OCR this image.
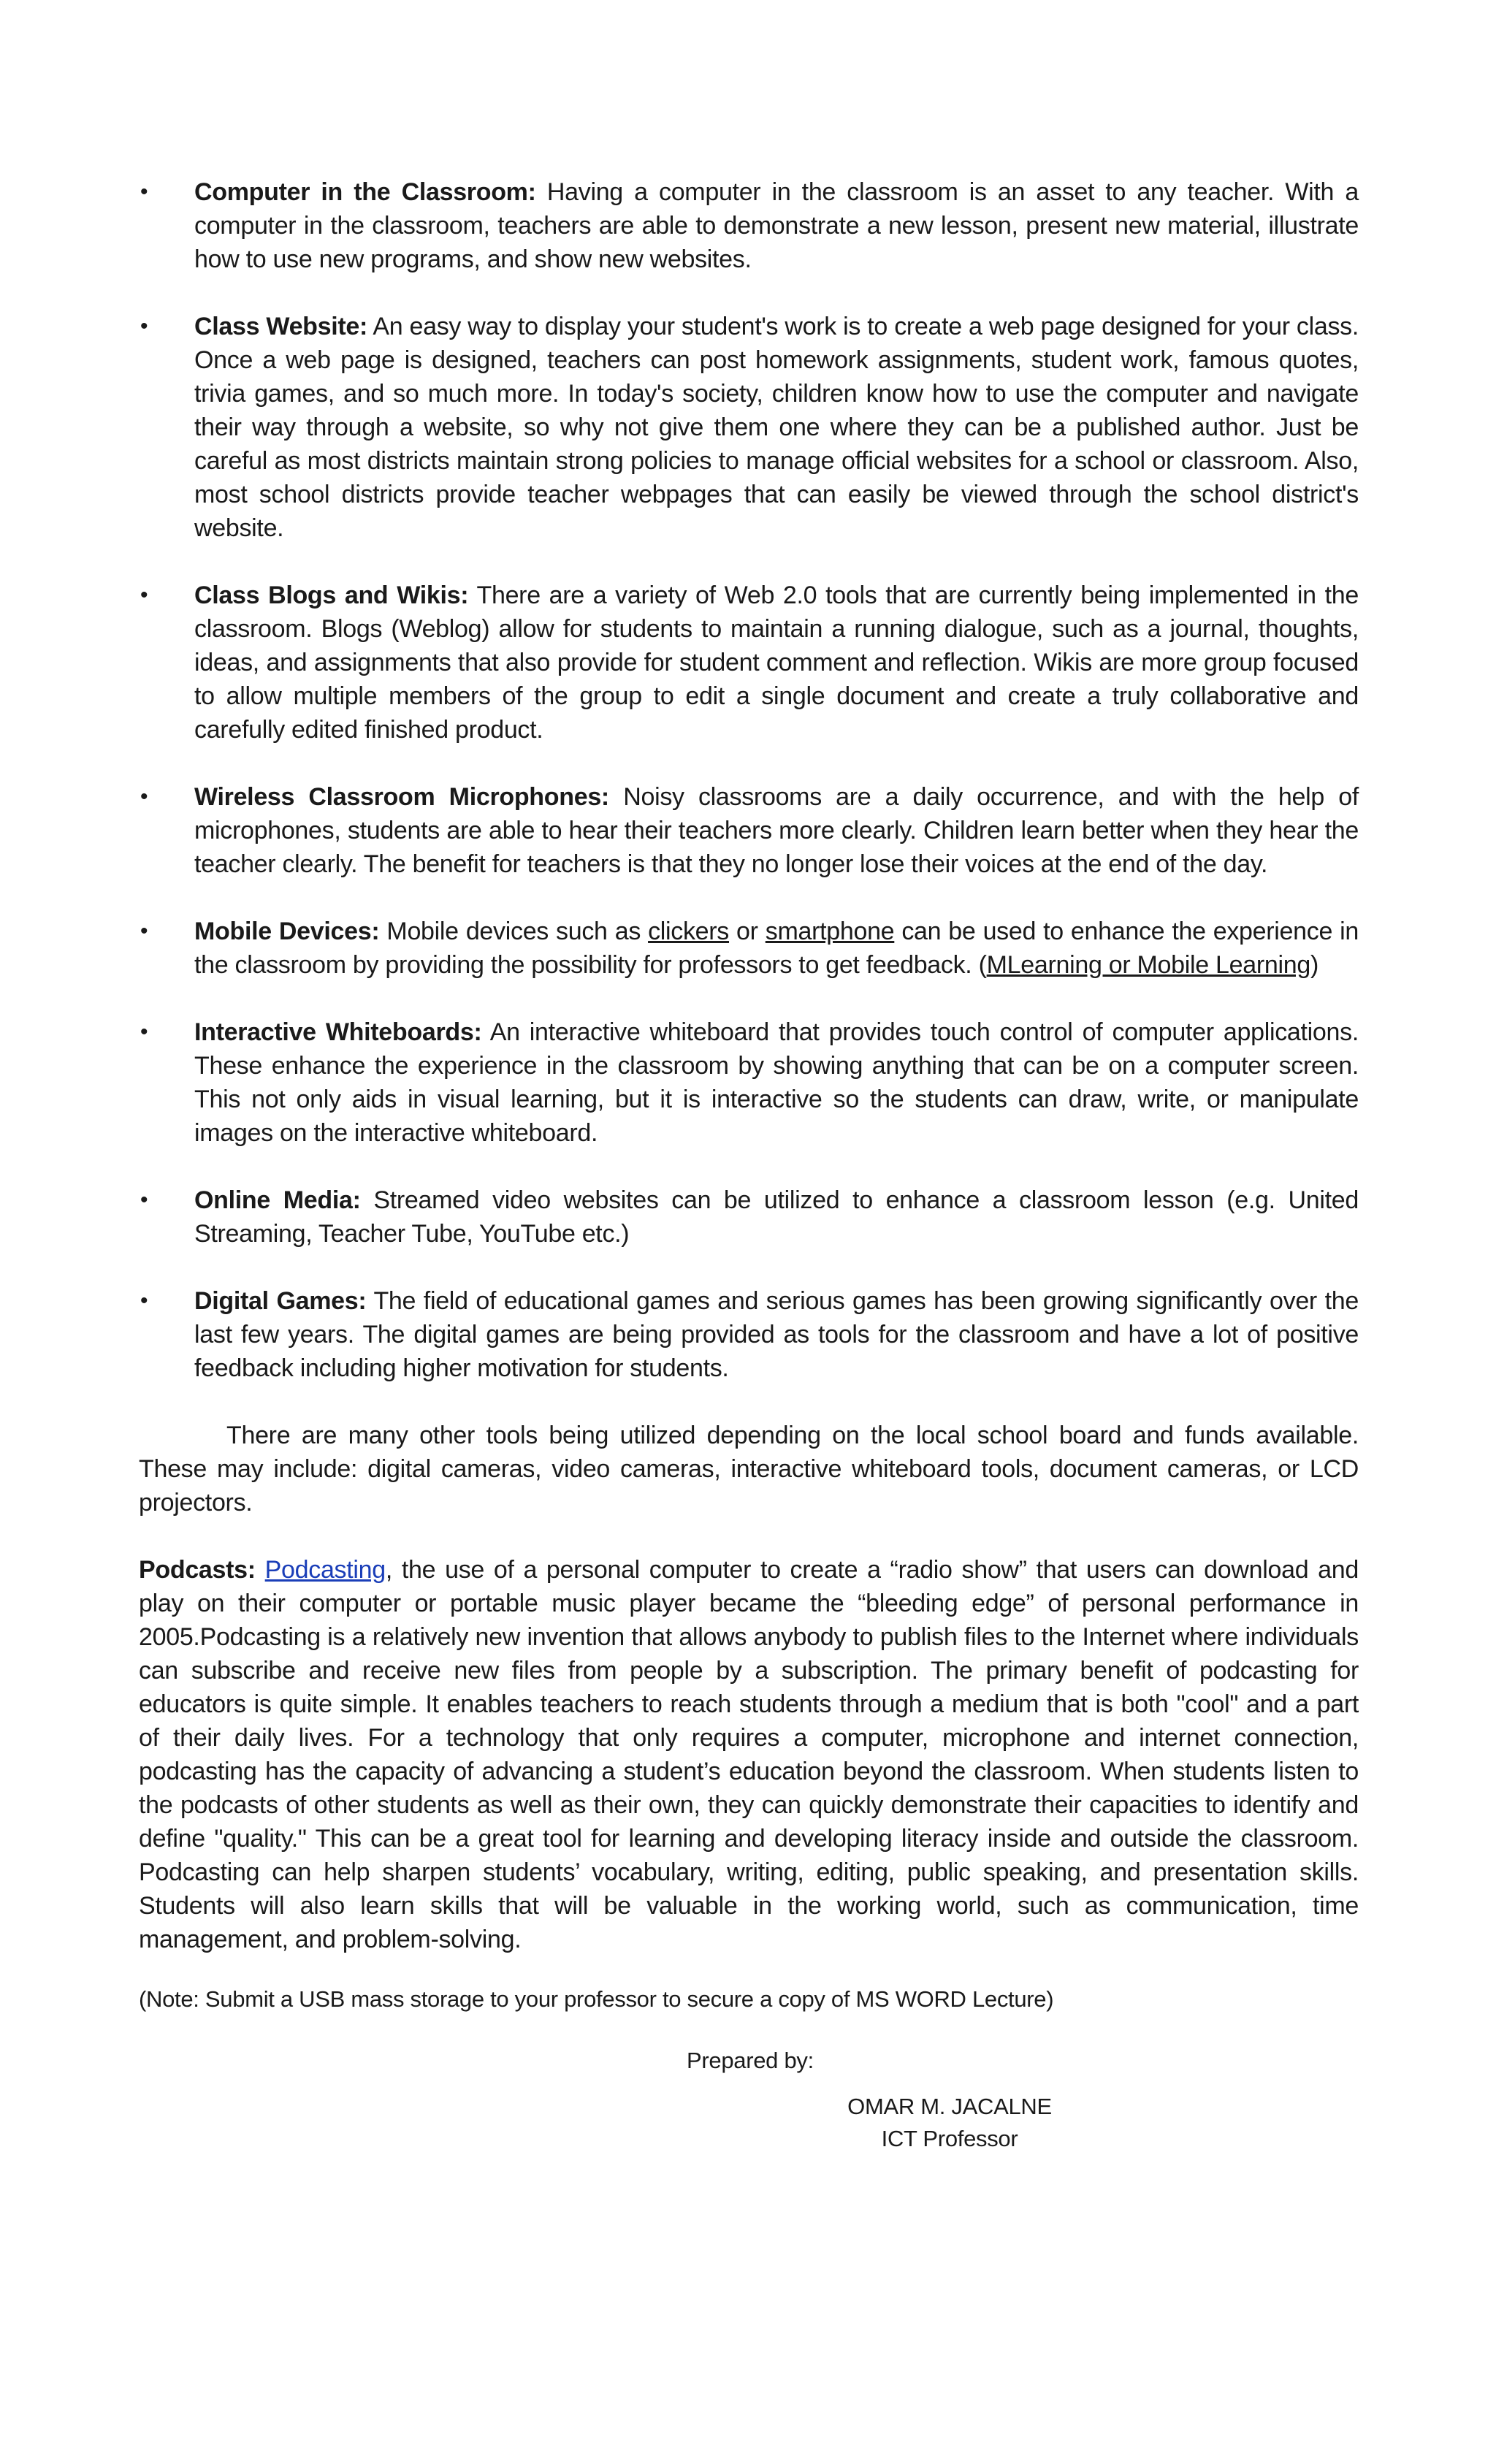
• Computer in the Classroom: Having a computer in the classroom is an asset to any teacher. With a computer in the classroom, teachers are able to demonstrate a new lesson, present new material, illustrate how to use new programs, and show new websites.
• Class Website: An easy way to display your student's work is to create a web page designed for your class. Once a web page is designed, teachers can post homework assignments, student work, famous quotes, trivia games, and so much more. In today's society, children know how to use the computer and navigate their way through a website, so why not give them one where they can be a published author. Just be careful as most districts maintain strong policies to manage official websites for a school or classroom. Also, most school districts provide teacher webpages that can easily be viewed through the school district's website.
• Class Blogs and Wikis: There are a variety of Web 2.0 tools that are currently being implemented in the classroom. Blogs (Weblog) allow for students to maintain a running dialogue, such as a journal, thoughts, ideas, and assignments that also provide for student comment and reflection. Wikis are more group focused to allow multiple members of the group to edit a single document and create a truly collaborative and carefully edited finished product.
• Wireless Classroom Microphones: Noisy classrooms are a daily occurrence, and with the help of microphones, students are able to hear their teachers more clearly. Children learn better when they hear the teacher clearly. The benefit for teachers is that they no longer lose their voices at the end of the day.
• Mobile Devices: Mobile devices such as clickers or smartphone can be used to enhance the experience in the classroom by providing the possibility for professors to get feedback. (MLearning or Mobile Learning)
• Interactive Whiteboards: An interactive whiteboard that provides touch control of computer applications. These enhance the experience in the classroom by showing anything that can be on a computer screen. This not only aids in visual learning, but it is interactive so the students can draw, write, or manipulate images on the interactive whiteboard.
• Online Media: Streamed video websites can be utilized to enhance a classroom lesson (e.g. United Streaming, Teacher Tube, YouTube etc.)
• Digital Games: The field of educational games and serious games has been growing significantly over the last few years. The digital games are being provided as tools for the classroom and have a lot of positive feedback including higher motivation for students.

There are many other tools being utilized depending on the local school board and funds available. These may include: digital cameras, video cameras, interactive whiteboard tools, document cameras, or LCD projectors.

Podcasts: Podcasting, the use of a personal computer to create a “radio show” that users can download and play on their computer or portable music player became the “bleeding edge” of personal performance in 2005.Podcasting is a relatively new invention that allows anybody to publish files to the Internet where individuals can subscribe and receive new files from people by a subscription. The primary benefit of podcasting for educators is quite simple. It enables teachers to reach students through a medium that is both "cool" and a part of their daily lives. For a technology that only requires a computer, microphone and internet connection, podcasting has the capacity of advancing a student’s education beyond the classroom. When students listen to the podcasts of other students as well as their own, they can quickly demonstrate their capacities to identify and define "quality." This can be a great tool for learning and developing literacy inside and outside the classroom. Podcasting can help sharpen students’ vocabulary, writing, editing, public speaking, and presentation skills. Students will also learn skills that will be valuable in the working world, such as communication, time management, and problem-solving.

(Note: Submit a USB mass storage to your professor to secure a copy of MS WORD Lecture)

Prepared by:

OMAR M. JACALNE
ICT Professor
